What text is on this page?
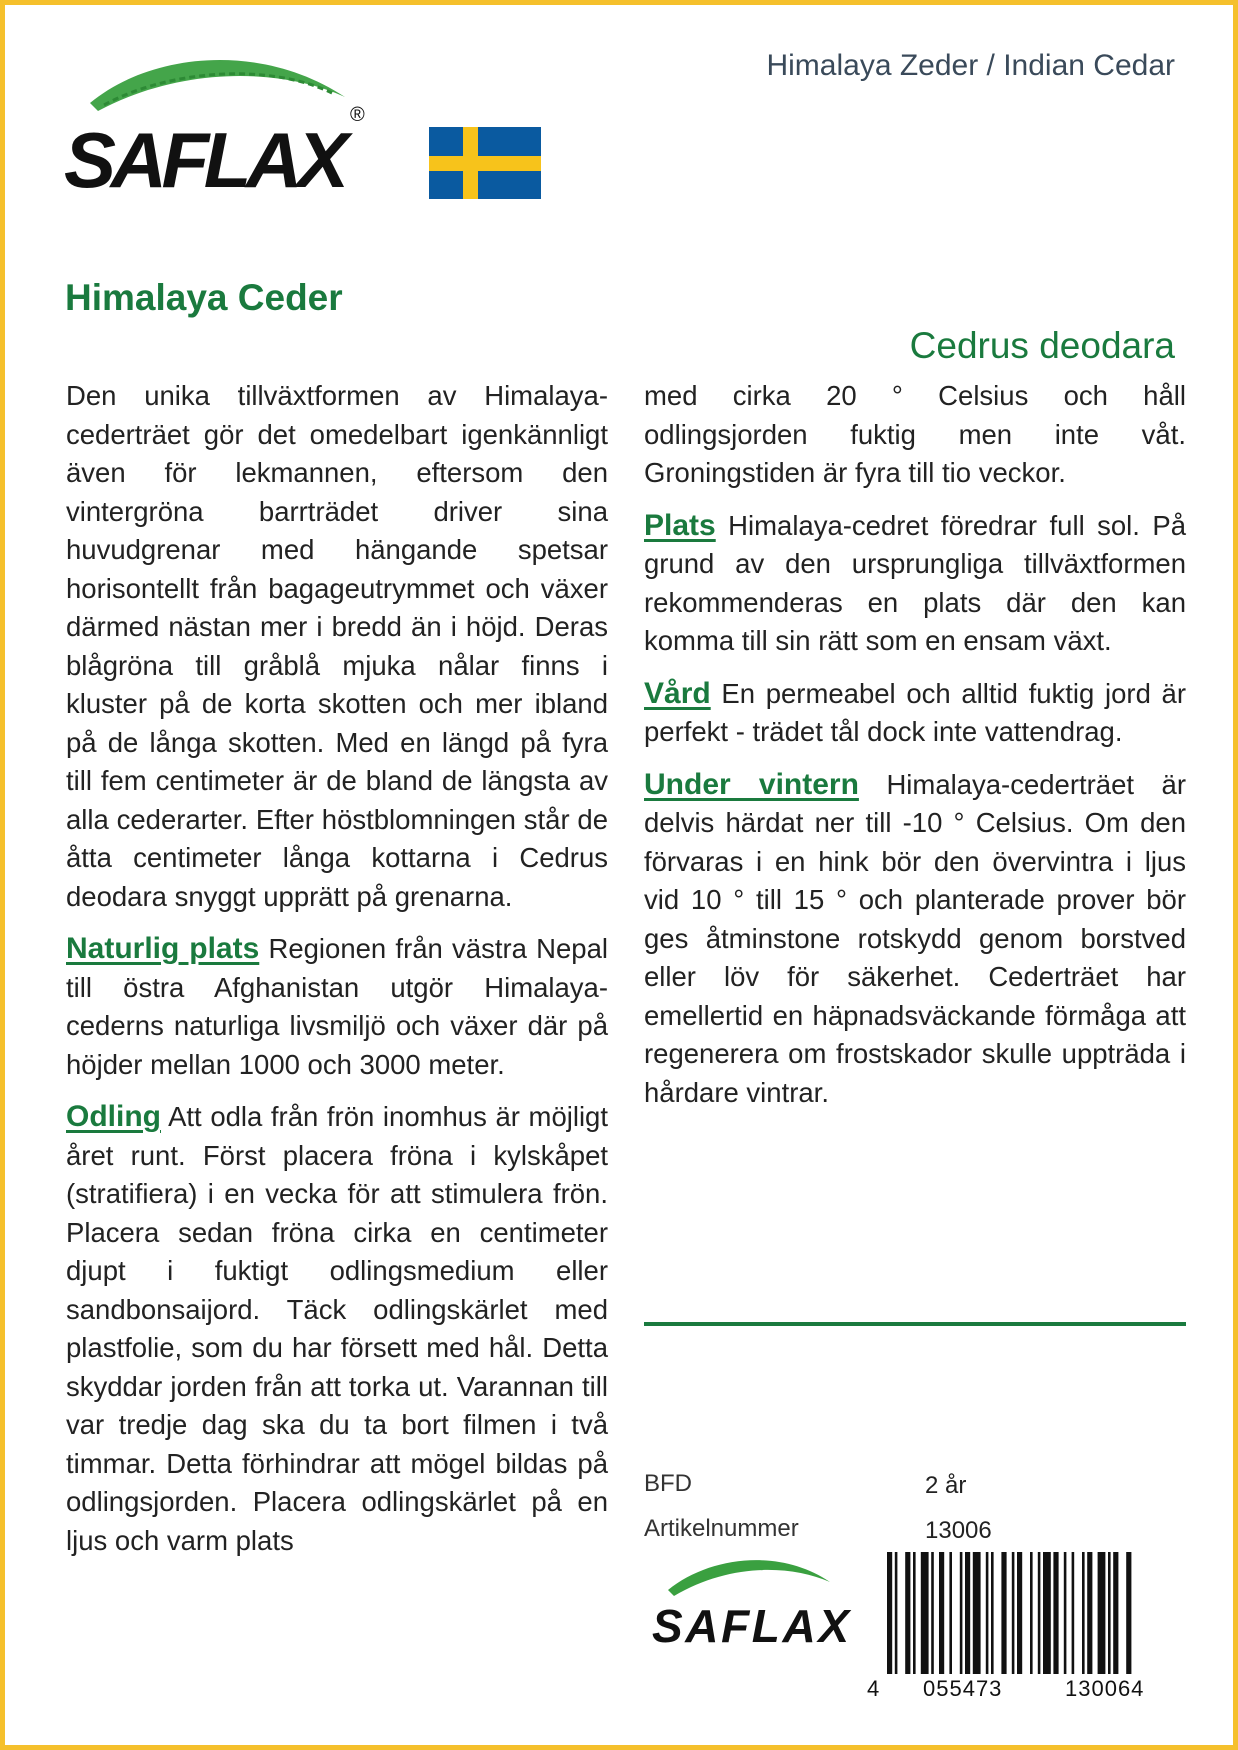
SAFLAX
®
Himalaya Zeder / Indian Cedar
Himalaya Ceder
Cedrus deodara

Den unika tillväxtformen av Himalaya-cederträet gör det omedelbart igenkännligt även för lekmannen, eftersom den vintergröna barrträdet driver sina huvudgrenar med hängande spetsar horisontellt från bagageutrymmet och växer därmed nästan mer i bredd än i höjd. Deras blågröna till gråblå mjuka nålar finns i kluster på de korta skotten och mer ibland på de långa skotten. Med en längd på fyra till fem centimeter är de bland de längsta av alla cederarter. Efter höstblomningen står de åtta centimeter långa kottarna i Cedrus deodara snyggt upprätt på grenarna.

Naturlig plats Regionen från västra Nepal till östra Afghanistan utgör Himalaya-cederns naturliga livsmiljö och växer där på höjder mellan 1000 och 3000 meter.

Odling Att odla från frön inomhus är möjligt året runt. Först placera fröna i kylskåpet (stratifiera) i en vecka för att stimulera frön. Placera sedan fröna cirka en centimeter djupt i fuktigt odlingsmedium eller sandbonsaijord. Täck odlingskärlet med plastfolie, som du har försett med hål. Detta skyddar jorden från att torka ut. Varannan till var tredje dag ska du ta bort filmen i två timmar. Detta förhindrar att mögel bildas på odlingsjorden. Placera odlingskärlet på en ljus och varm plats

med cirka 20 ° Celsius och håll odlingsjorden fuktig men inte våt. Groningstiden är fyra till tio veckor.

Plats Himalaya-cedret föredrar full sol. På grund av den ursprungliga tillväxtformen rekommenderas en plats där den kan komma till sin rätt som en ensam växt.

Vård En permeabel och alltid fuktig jord är perfekt - trädet tål dock inte vattendrag.

Under vintern Himalaya-cederträet är delvis härdat ner till -10 ° Celsius. Om den förvaras i en hink bör den övervintra i ljus vid 10 ° till 15 ° och planterade prover bör ges åtminstone rotskydd genom borstved eller löv för säkerhet. Cederträet har emellertid en häpnadsväckande förmåga att regenerera om frostskador skulle uppträda i hårdare vintrar.

BFD	2 år
Artikelnummer	13006
SAFLAX
4 055473	130064
